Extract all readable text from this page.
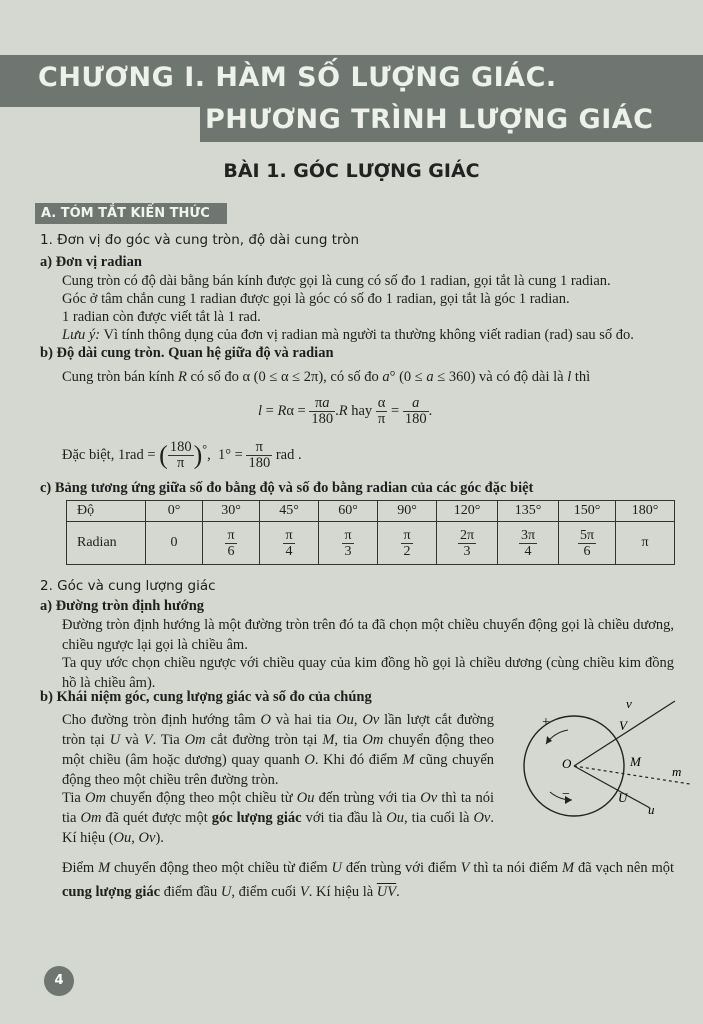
CHƯƠNG I. HÀM SỐ LƯỢNG GIÁC.
PHƯƠNG TRÌNH LƯỢNG GIÁC
BÀI 1. GÓC LƯỢNG GIÁC
A. TÓM TẮT KIẾN THỨC
1. Đơn vị đo góc và cung tròn, độ dài cung tròn
a) Đơn vị radian
Cung tròn có độ dài bằng bán kính được gọi là cung có số đo 1 radian, gọi tắt là cung 1 radian.
Góc ở tâm chắn cung 1 radian được gọi là góc có số đo 1 radian, gọi tắt là góc 1 radian.
1 radian còn được viết tắt là 1 rad.
Lưu ý: Vì tính thông dụng của đơn vị radian mà người ta thường không viết radian (rad) sau số đo.
b) Độ dài cung tròn. Quan hệ giữa độ và radian
Cung tròn bán kính R có số đo α (0 ≤ α ≤ 2π), có số đo a° (0 ≤ a ≤ 360) và có độ dài là l thì
$l = R\alpha = \frac{\pi a}{180} .R$ hay $\frac{\alpha}{\pi} = \frac{a}{180}$ .
Đặc biệt, 1rad = ( $\frac{180}{\pi} )^\circ$,  $1^\circ = \frac{\pi}{180}$ rad .
c) Bảng tương ứng giữa số đo bằng độ và số đo bằng radian của các góc đặc biệt
Độ	0°	30°	45°	60°	90°	120°	135°	150°	180°
Radian	0	$\frac{\pi}{6}$	$\frac{\pi}{4}$	$\frac{\pi}{3}$	$\frac{\pi}{2}$	$\frac{2\pi}{3}$	$\frac{3\pi}{4}$	$\frac{5\pi}{6}$	π
2. Góc và cung lượng giác
a) Đường tròn định hướng
Đường tròn định hướng là một đường tròn trên đó ta đã chọn một chiều chuyển động gọi là chiều dương, chiều ngược lại gọi là chiều âm.
Ta quy ước chọn chiều ngược với chiều quay của kim đồng hồ gọi là chiều dương (cùng chiều kim đồng hồ là chiều âm).
b) Khái niệm góc, cung lượng giác và số đo của chúng
Cho đường tròn định hướng tâm O và hai tia Ou, Ov lần lượt cắt đường tròn tại U và V. Tia Om cắt đường tròn tại M, tia Om chuyển động theo một chiều (âm hoặc dương) quay quanh O. Khi đó điểm M cũng chuyển động theo một chiều trên đường tròn.
Tia Om chuyển động theo một chiều từ Ou đến trùng với tia Ov thì ta nói tia Om đã quét được một góc lượng giác với tia đầu là Ou, tia cuối là Ov. Kí hiệu (Ou, Ov).
Điểm M chuyển động theo một chiều từ điểm U đến trùng với điểm V thì ta nói điểm M đã vạch nên một cung lượng giác điểm đầu U, điểm cuối V. Kí hiệu là $\overline{UV}$.
v
V
O	M
m
U
u
+
−
4
